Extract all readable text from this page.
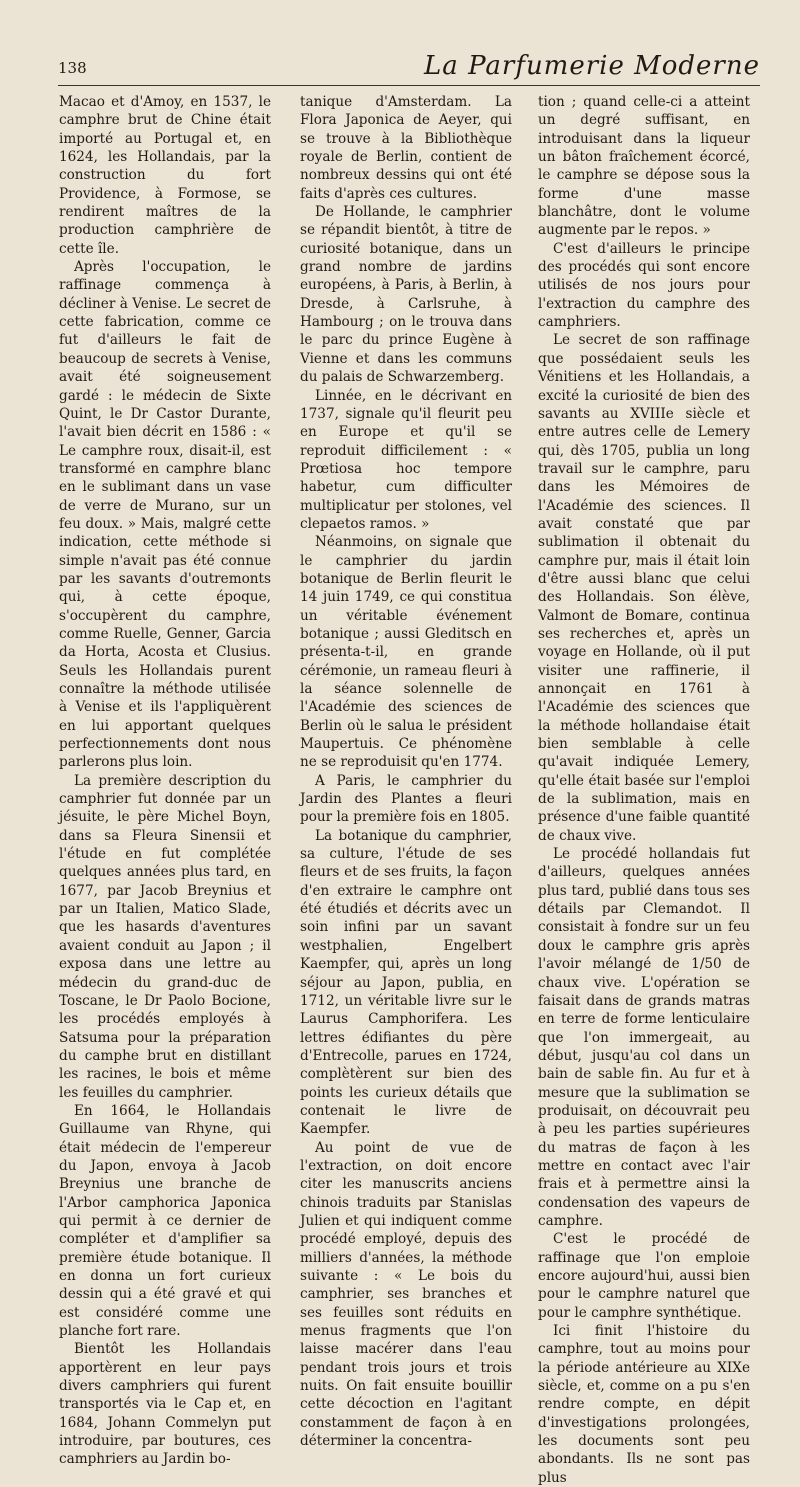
138	La Parfumerie Moderne

Macao et d'Amoy, en 1537, le camphre brut de Chine était importé au Portugal et, en 1624, les Hollandais, par la construction du fort Providence, à Formose, se rendirent maîtres de la production camphrière de cette île.

Après l'occupation, le raffinage commença à décliner à Venise. Le secret de cette fabrication, comme ce fut d'ailleurs le fait de beaucoup de secrets à Venise, avait été soigneusement gardé : le médecin de Sixte Quint, le Dr Castor Durante, l'avait bien décrit en 1586 : « Le camphre roux, disait-il, est transformé en camphre blanc en le sublimant dans un vase de verre de Murano, sur un feu doux. » Mais, malgré cette indication, cette méthode si simple n'avait pas été connue par les savants d'outremonts qui, à cette époque, s'occupèrent du camphre, comme Ruelle, Genner, Garcia da Horta, Acosta et Clusius. Seuls les Hollandais purent connaître la méthode utilisée à Venise et ils l'appliquèrent en lui apportant quelques perfectionnements dont nous parlerons plus loin.

La première description du camphrier fut donnée par un jésuite, le père Michel Boyn, dans sa Fleura Sinensii et l'étude en fut complétée quelques années plus tard, en 1677, par Jacob Breynius et par un Italien, Matico Slade, que les hasards d'aventures avaient conduit au Japon ; il exposa dans une lettre au médecin du grand-duc de Toscane, le Dr Paolo Bocione, les procédés employés à Satsuma pour la préparation du camphe brut en distillant les racines, le bois et même les feuilles du camphrier.

En 1664, le Hollandais Guillaume van Rhyne, qui était médecin de l'empereur du Japon, envoya à Jacob Breynius une branche de l'Arbor camphorica Japonica qui permit à ce dernier de compléter et d'amplifier sa première étude botanique. Il en donna un fort curieux dessin qui a été gravé et qui est considéré comme une planche fort rare.

Bientôt les Hollandais apportèrent en leur pays divers camphriers qui furent transportés via le Cap et, en 1684, Johann Commelyn put introduire, par boutures, ces camphriers au Jardin bo-

tanique d'Amsterdam. La Flora Japonica de Aeyer, qui se trouve à la Bibliothèque royale de Berlin, contient de nombreux dessins qui ont été faits d'après ces cultures.

De Hollande, le camphrier se répandit bientôt, à titre de curiosité botanique, dans un grand nombre de jardins européens, à Paris, à Berlin, à Dresde, à Carlsruhe, à Hambourg ; on le trouva dans le parc du prince Eugène à Vienne et dans les communs du palais de Schwarzemberg.

Linnée, en le décrivant en 1737, signale qu'il fleurit peu en Europe et qu'il se reproduit difficilement : « Prœtiosa hoc tempore habetur, cum difficulter multiplicatur per stolones, vel clepaetos ramos. »

Néanmoins, on signale que le camphrier du jardin botanique de Berlin fleurit le 14 juin 1749, ce qui constitua un véritable événement botanique ; aussi Gleditsch en présenta-t-il, en grande cérémonie, un rameau fleuri à la séance solennelle de l'Académie des sciences de Berlin où le salua le président Maupertuis. Ce phénomène ne se reproduisit qu'en 1774.

A Paris, le camphrier du Jardin des Plantes a fleuri pour la première fois en 1805.

La botanique du camphrier, sa culture, l'étude de ses fleurs et de ses fruits, la façon d'en extraire le camphre ont été étudiés et décrits avec un soin infini par un savant westphalien, Engelbert Kaempfer, qui, après un long séjour au Japon, publia, en 1712, un véritable livre sur le Laurus Camphorifera. Les lettres édifiantes du père d'Entrecolle, parues en 1724, complètèrent sur bien des points les curieux détails que contenait le livre de Kaempfer.

Au point de vue de l'extraction, on doit encore citer les manuscrits anciens chinois traduits par Stanislas Julien et qui indiquent comme procédé employé, depuis des milliers d'années, la méthode suivante : « Le bois du camphrier, ses branches et ses feuilles sont réduits en menus fragments que l'on laisse macérer dans l'eau pendant trois jours et trois nuits. On fait ensuite bouillir cette décoction en l'agitant constamment de façon à en déterminer la concentra-

tion ; quand celle-ci a atteint un degré suffisant, en introduisant dans la liqueur un bâton fraîchement écorcé, le camphre se dépose sous la forme d'une masse blanchâtre, dont le volume augmente par le repos. »

C'est d'ailleurs le principe des procédés qui sont encore utilisés de nos jours pour l'extraction du camphre des camphriers.

Le secret de son raffinage que possédaient seuls les Vénitiens et les Hollandais, a excité la curiosité de bien des savants au XVIIIe siècle et entre autres celle de Lemery qui, dès 1705, publia un long travail sur le camphre, paru dans les Mémoires de l'Académie des sciences. Il avait constaté que par sublimation il obtenait du camphre pur, mais il était loin d'être aussi blanc que celui des Hollandais. Son élève, Valmont de Bomare, continua ses recherches et, après un voyage en Hollande, où il put visiter une raffinerie, il annonçait en 1761 à l'Académie des sciences que la méthode hollandaise était bien semblable à celle qu'avait indiquée Lemery, qu'elle était basée sur l'emploi de la sublimation, mais en présence d'une faible quantité de chaux vive.

Le procédé hollandais fut d'ailleurs, quelques années plus tard, publié dans tous ses détails par Clemandot. Il consistait à fondre sur un feu doux le camphre gris après l'avoir mélangé de 1/50 de chaux vive. L'opération se faisait dans de grands matras en terre de forme lenticulaire que l'on immergeait, au début, jusqu'au col dans un bain de sable fin. Au fur et à mesure que la sublimation se produisait, on découvrait peu à peu les parties supérieures du matras de façon à les mettre en contact avec l'air frais et à permettre ainsi la condensation des vapeurs de camphre.

C'est le procédé de raffinage que l'on emploie encore aujourd'hui, aussi bien pour le camphre naturel que pour le camphre synthétique.

Ici finit l'histoire du camphre, tout au moins pour la période antérieure au XIXe siècle, et, comme on a pu s'en rendre compte, en dépit d'investigations prolongées, les documents sont peu abondants. Ils ne sont pas plus
